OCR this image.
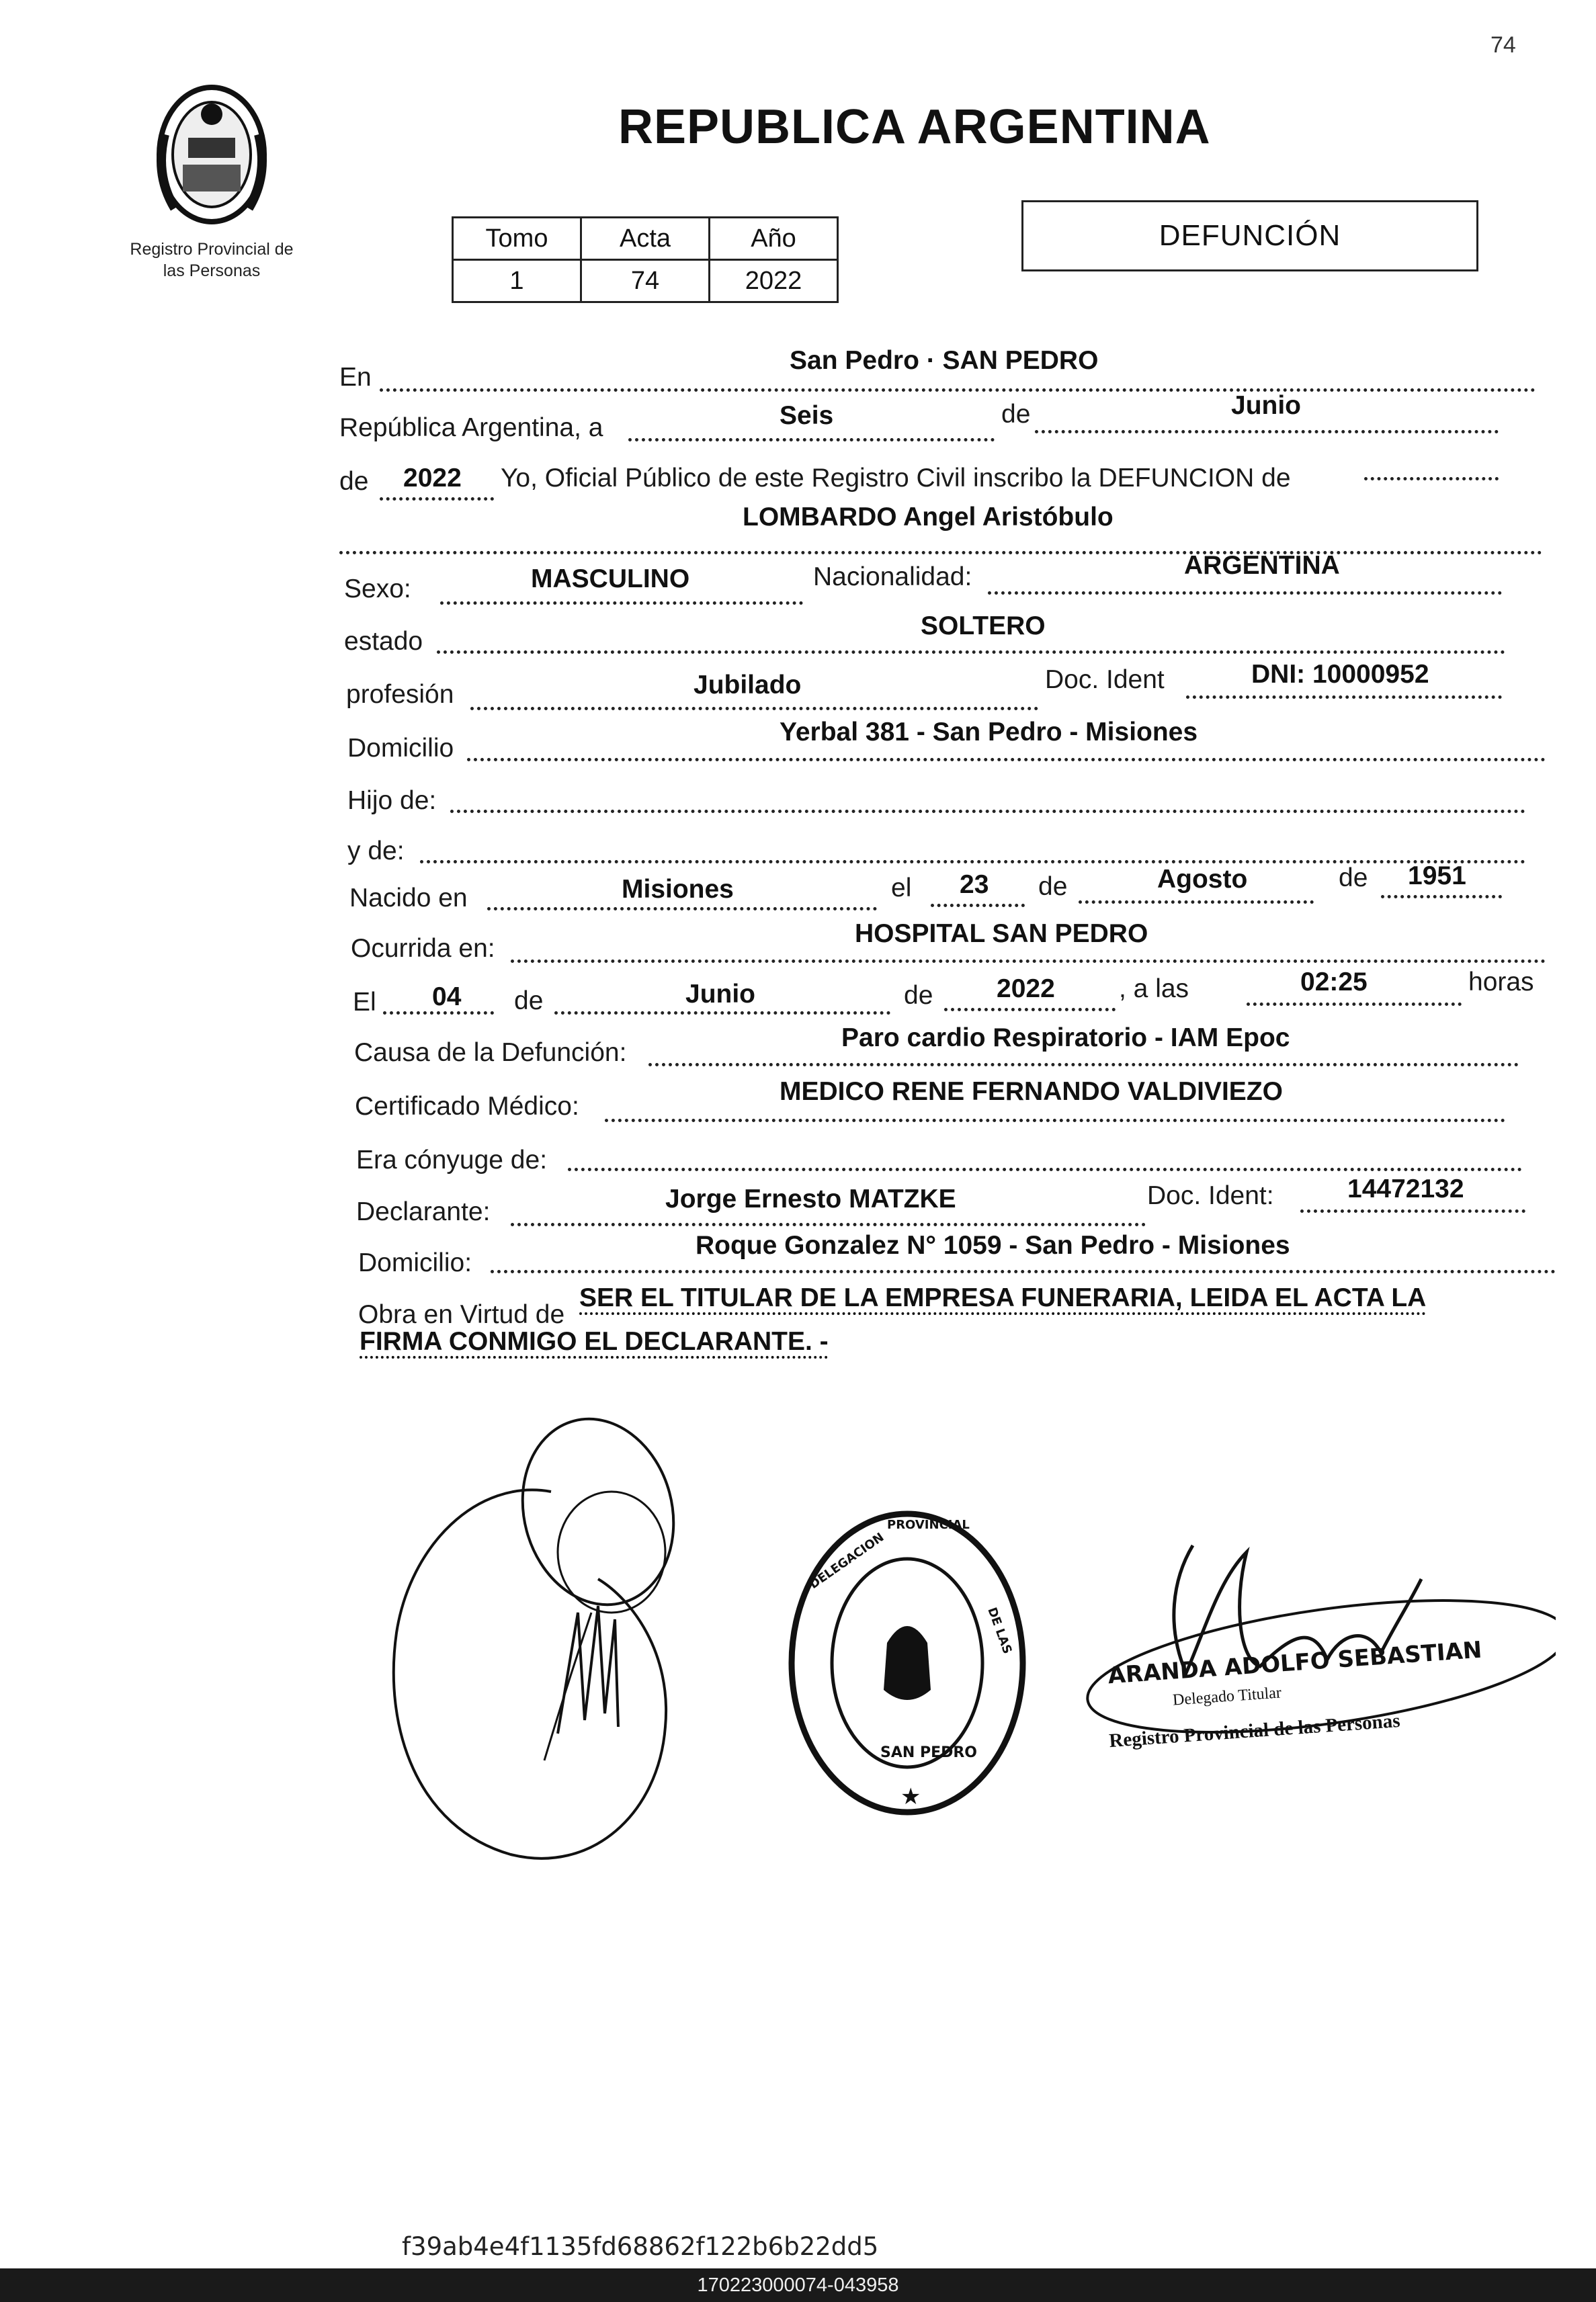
74
Registro Provincial de
las Personas
REPUBLICA ARGENTINA
Tomo	Acta	Año
1	74	2022
DEFUNCIÓN
En
San Pedro · SAN PEDRO
República Argentina, a	Seis	de	Junio
de 2022 Yo, Oficial Público de este Registro Civil inscribo la DEFUNCION de
LOMBARDO Angel Aristóbulo
Sexo:	MASCULINO	Nacionalidad:	ARGENTINA
estado
SOLTERO
profesión	Jubilado	Doc. Ident	DNI: 10000952
Domicilio
Yerbal 381 - San Pedro - Misiones
Hijo de:
y de:
Nacido en	Misiones	el 23 de	Agosto	de 1951
Ocurrida en:
HOSPITAL SAN PEDRO
El 04 de	Junio	de 2022 , a las	02:25	horas
Causa de la Defunción:
Paro cardio Respiratorio - IAM Epoc
Certificado Médico:
MEDICO RENE FERNANDO VALDIVIEZO
Era cónyuge de:
Declarante:	Jorge Ernesto MATZKE	Doc. Ident:	14472132
Domicilio:
Roque Gonzalez N° 1059 - San Pedro - Misiones
Obra en Virtud de
SER EL TITULAR DE LA EMPRESA FUNERARIA, LEIDA EL ACTA LA
FIRMA CONMIGO EL DECLARANTE. -
DELEGACION
PROVINCIAL
DE LAS
SAN PEDRO
★
ARANDA ADOLFO SEBASTIAN
Delegado Titular
Registro Provincial de las Personas
f39ab4e4f1135fd68862f122b6b22dd5
170223000074-043958
